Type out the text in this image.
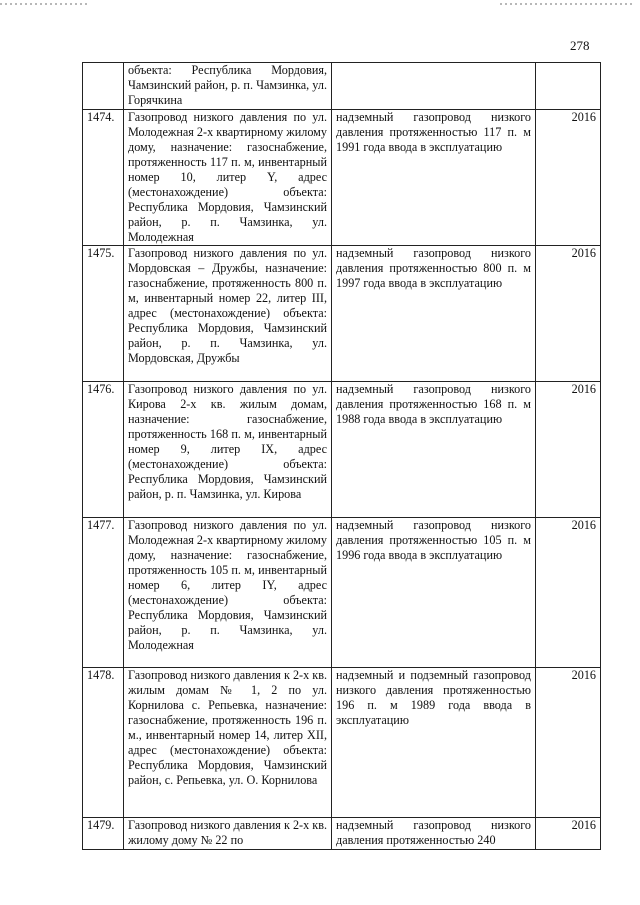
278

	объекта: Республика Мордовия, Чамзинский район, р. п. Чамзинка, ул. Горячкина		

1474.	Газопровод низкого давления по ул. Молодежная 2-х квартирному жилому дому, назначение: газоснабжение, протяженность 117 п. м, инвентарный номер 10, литер Y, адрес (местонахождение) объекта: Республика Мордовия, Чамзинский район, р. п. Чамзинка, ул. Молодежная	надземный газопровод низкого давления протяженностью 117 п. м 1991 года ввода в эксплуатацию	2016
1475.	Газопровод низкого давления по ул. Мордовская – Дружбы, назначение: газоснабжение, протяженность 800 п. м, инвентарный номер 22, литер III, адрес (местонахождение) объекта: Республика Мордовия, Чамзинский район, р. п. Чамзинка, ул. Мордовская, Дружбы	надземный газопровод низкого давления протяженностью 800 п. м 1997 года ввода в эксплуатацию	2016
1476.	Газопровод низкого давления по ул. Кирова 2-х кв. жилым домам, назначение: газоснабжение, протяженность 168 п. м, инвентарный номер 9, литер IX, адрес (местонахождение) объекта: Республика Мордовия, Чамзинский район, р. п. Чамзинка, ул. Кирова	надземный газопровод низкого давления протяженностью 168 п. м 1988 года ввода в эксплуатацию	2016
1477.	Газопровод низкого давления по ул. Молодежная 2-х квартирному жилому дому, назначение: газоснабжение, протяженность 105 п. м, инвентарный номер 6, литер IY, адрес (местонахождение) объекта: Республика Мордовия, Чамзинский район, р. п. Чамзинка, ул. Молодежная	надземный газопровод низкого давления протяженностью 105 п. м 1996 года ввода в эксплуатацию	2016
1478.	Газопровод низкого давления к 2-х кв. жилым домам № 1, 2 по ул. Корнилова с. Репьевка, назначение: газоснабжение, протяженность 196 п. м., инвентарный номер 14, литер XII, адрес (местонахождение) объекта: Республика Мордовия, Чамзинский район, с. Репьевка, ул. О. Корнилова	надземный и подземный газопровод низкого давления протяженностью 196 п. м 1989 года ввода в эксплуатацию	2016
1479.	Газопровод низкого давления к 2-х кв. жилому дому № 22 по	надземный газопровод низкого давления протяженностью 240	2016
